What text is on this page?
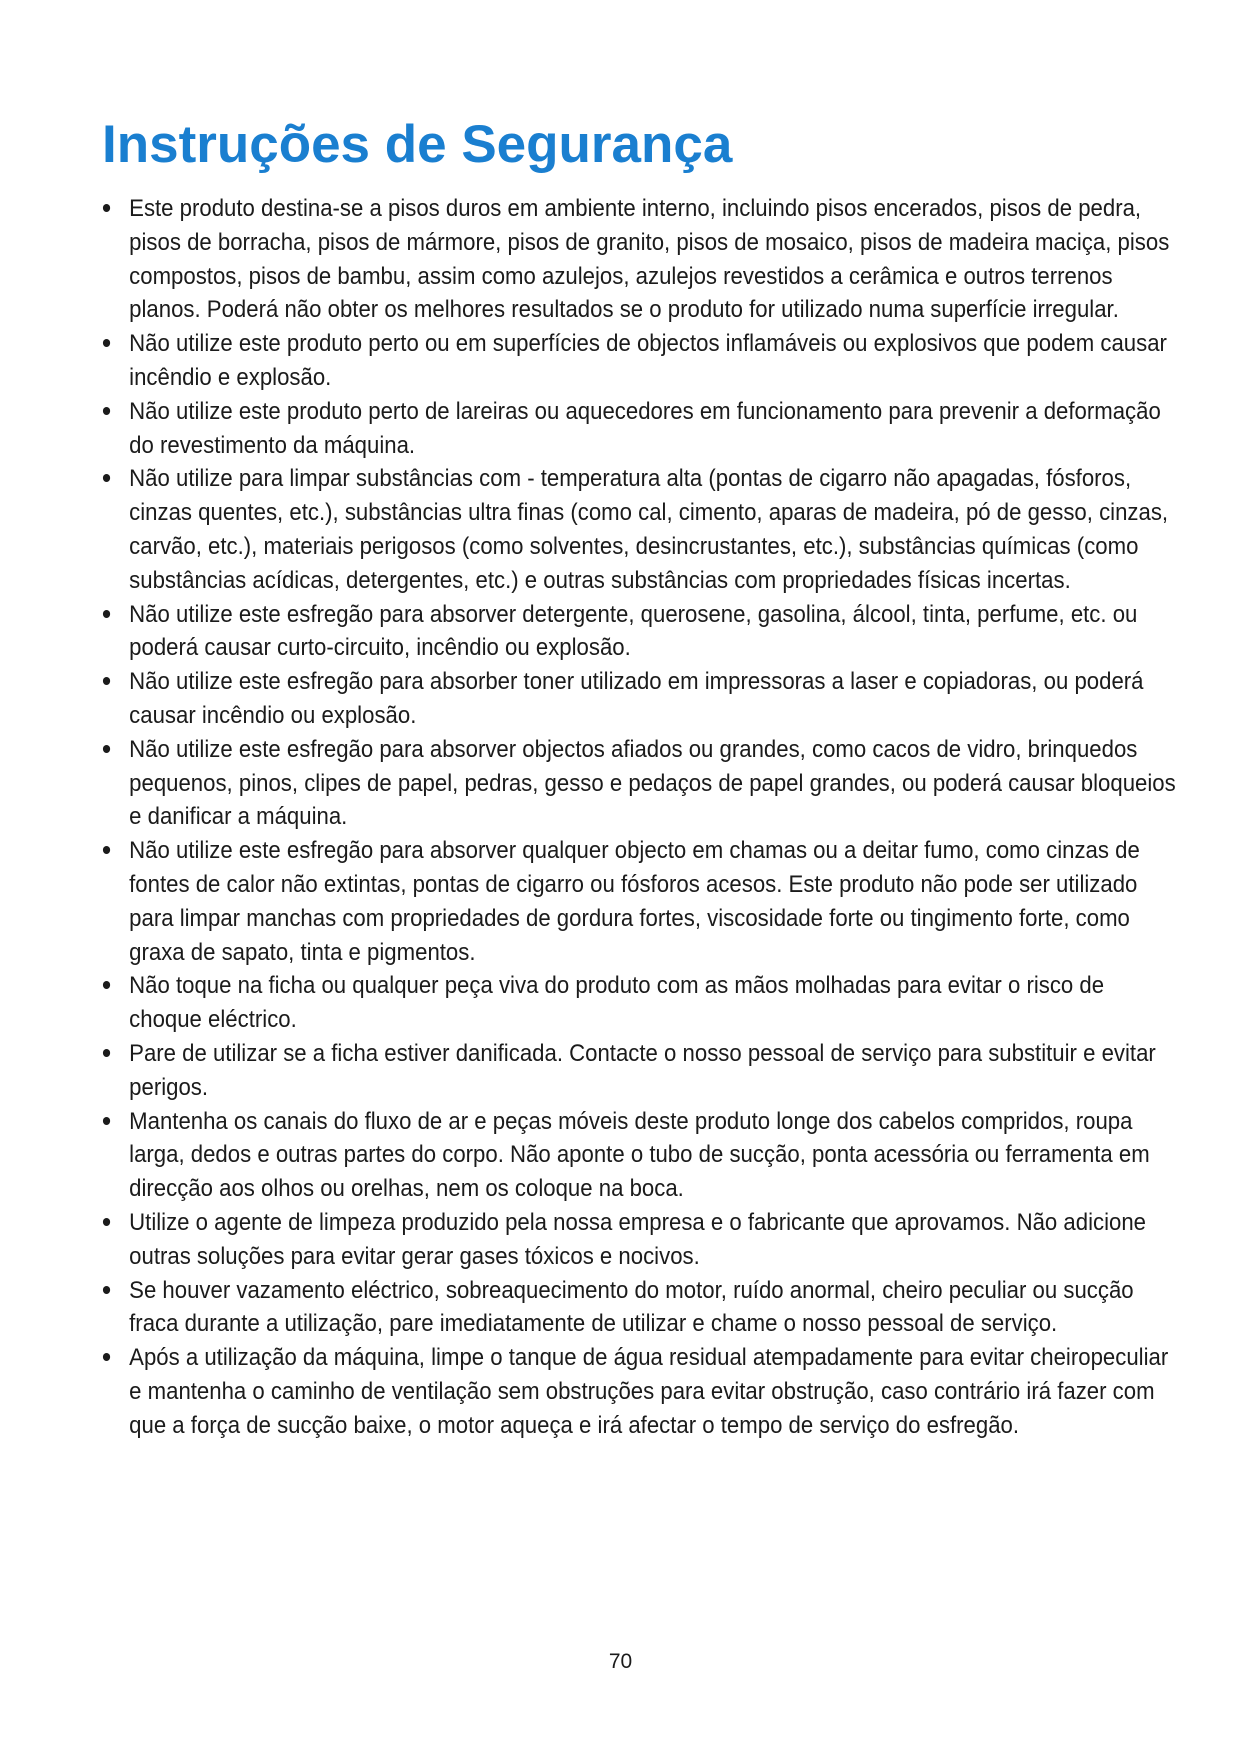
Instruções de Segurança
Este produto destina-se a pisos duros em ambiente interno, incluindo pisos encerados, pisos de pedra, pisos de borracha, pisos de mármore, pisos de granito, pisos de mosaico, pisos de madeira maciça, pisos compostos, pisos de bambu, assim como azulejos, azulejos revestidos a cerâmica e outros terrenos planos. Poderá não obter os melhores resultados se o produto for utilizado numa superfície irregular.
Não utilize este produto perto ou em superfícies de objectos inflamáveis ou explosivos que podem causar incêndio e explosão.
Não utilize este produto perto de lareiras ou aquecedores em funcionamento para prevenir a deformação do revestimento da máquina.
Não utilize para limpar substâncias com - temperatura alta (pontas de cigarro não apagadas, fósforos, cinzas quentes, etc.), substâncias ultra finas (como cal, cimento, aparas de madeira, pó de gesso, cinzas, carvão, etc.), materiais perigosos (como solventes, desincrustantes, etc.), substâncias químicas (como substâncias acídicas, detergentes, etc.) e outras substâncias com propriedades físicas incertas.
Não utilize este esfregão para absorver detergente, querosene, gasolina, álcool, tinta, perfume, etc. ou poderá causar curto-circuito, incêndio ou explosão.
Não utilize este esfregão para absorber toner utilizado em impressoras a laser e copiadoras, ou poderá causar incêndio ou explosão.
Não utilize este esfregão para absorver objectos afiados ou grandes, como cacos de vidro, brinquedos pequenos, pinos, clipes de papel, pedras, gesso e pedaços de papel grandes, ou poderá causar bloqueios e danificar a máquina.
Não utilize este esfregão para absorver qualquer objecto em chamas ou a deitar fumo, como cinzas de fontes de calor não extintas, pontas de cigarro ou fósforos acesos. Este produto não pode ser utilizado para limpar manchas com propriedades de gordura fortes, viscosidade forte ou tingimento forte, como graxa de sapato, tinta e pigmentos.
Não toque na ficha ou qualquer peça viva do produto com as mãos molhadas para evitar o risco de choque eléctrico.
Pare de utilizar se a ficha estiver danificada. Contacte o nosso pessoal de serviço para substituir e evitar perigos.
Mantenha os canais do fluxo de ar e peças móveis deste produto longe dos cabelos compridos, roupa larga, dedos e outras partes do corpo. Não aponte o tubo de sucção, ponta acessória ou ferramenta em direcção aos olhos ou orelhas, nem os coloque na boca.
Utilize o agente de limpeza produzido pela nossa empresa e o fabricante que aprovamos. Não adicione outras soluções para evitar gerar gases tóxicos e nocivos.
Se houver vazamento eléctrico, sobreaquecimento do motor, ruído anormal, cheiro peculiar ou sucção fraca durante a utilização, pare imediatamente de utilizar e chame o nosso pessoal de serviço.
Após a utilização da máquina, limpe o tanque de água residual atempadamente para evitar cheiropeculiar e mantenha o caminho de ventilação sem obstruções para evitar obstrução, caso contrário irá fazer com que a força de sucção baixe, o motor aqueça e irá afectar o tempo de serviço do esfregão.
70
